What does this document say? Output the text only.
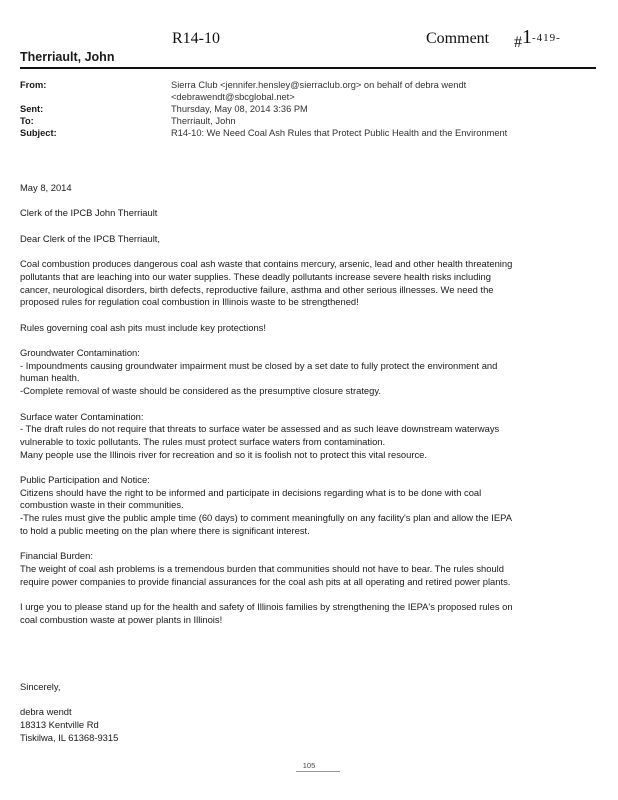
R14-10	Comment $\#1^{-419-}$
Therriault, John
From:	Sierra Club <jennifer.hensley@sierraclub.org> on behalf of debra wendt
<debrawendt@sbcglobal.net>
Sent:	Thursday, May 08, 2014 3:36 PM
To:	Therriault, John
Subject:	R14-10: We Need Coal Ash Rules that Protect Public Health and the Environment

May 8, 2014

Clerk of the IPCB John Therriault

Dear Clerk of the IPCB Therriault,

Coal combustion produces dangerous coal ash waste that contains mercury, arsenic, lead and other health threatening
pollutants that are leaching into our water supplies. These deadly pollutants increase severe health risks including
cancer, neurological disorders, birth defects, reproductive failure, asthma and other serious illnesses. We need the
proposed rules for regulation coal combustion in Illinois waste to be strengthened!

Rules governing coal ash pits must include key protections!

Groundwater Contamination:
- Impoundments causing groundwater impairment must be closed by a set date to fully protect the environment and
human health.
-Complete removal of waste should be considered as the presumptive closure strategy.

Surface water Contamination:
- The draft rules do not require that threats to surface water be assessed and as such leave downstream waterways
vulnerable to toxic pollutants. The rules must protect surface waters from contamination.
Many people use the Illinois river for recreation and so it is foolish not to protect this vital resource.

Public Participation and Notice:
Citizens should have the right to be informed and participate in decisions regarding what is to be done with coal
combustion waste in their communities.
-The rules must give the public ample time (60 days) to comment meaningfully on any facility's plan and allow the IEPA
to hold a public meeting on the plan where there is significant interest.

Financial Burden:
The weight of coal ash problems is a tremendous burden that communities should not have to bear. The rules should
require power companies to provide financial assurances for the coal ash pits at all operating and retired power plants.

I urge you to please stand up for the health and safety of Illinois families by strengthening the IEPA's proposed rules on
coal combustion waste at power plants in Illinois!

Sincerely,
debra wendt
18313 Kentville Rd
Tiskilwa, IL 61368-9315
105
